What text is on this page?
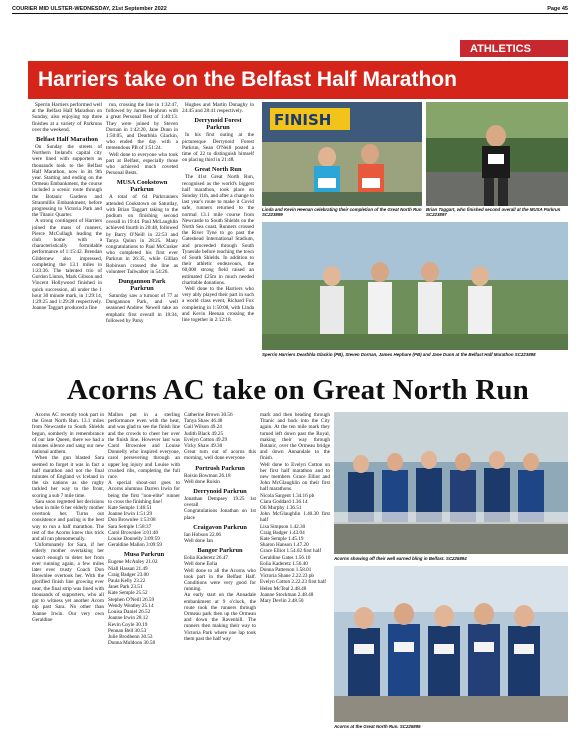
COURIER MID ULSTER-WEDNESDAY, 21st September 2022	Page 45
ATHLETICS
Harriers take on the Belfast Half Marathon

Sperrin Harriers performed well at the Belfast Half Marathon on Sunday, also enjoying top three finishes at a variety of Parkruns over the weekend.

Belfast Half Marathon

On Sunday the streets of Northern Ireland's capital city were lined with supporters as thousands took to the Belfast Half Marathon, now in its 9th year. Starting and ending on the Ormeau Embankment, the course included a scenic route through the Botanic Gardens and Stranmillis Embankment, before progressing to Victoria Park and the Titanic Quarter.

A strong contingent of Harriers joined the mass of runners, Pierce McCullagh leading the club home with a characteristically formidable performance of 1:15:42. Brendan Gildernew also impressed, completing the 13.1 miles in 1:23:36. The talented trio of Gordon Linton, Mark Gibson and Vincent Hollywood finished in quick succession, all under the 1 hour 30 minute mark, in 1:29:14, 1:29:25 and 1:29:28 respectively. Joanne Taggart produced a fine

run, crossing the line in 1:32:47, followed by James Hephrun with a great Personal Best of 1:40:13. They were joined by Steven Dornan in 1:42:20, Jane Dunn in 1:50:05, and Dearbhla Glackin, who ended the day with a tremendous PB of 1:51:24.

Well done to everyone who took part at Belfast, especially those who achieved much coveted Personal Bests.

MUSA Cookstown Parkrun

A total of 64 Parkrunners attended Cookstown on Saturday, with Brian Taggart taking to the podium on finishing second overall in 19:44. Paul McLaughlin achieved fourth in 20:48, followed by Barry O'Neill in 22:53 and Tanya Quinn in 28:25. Many congratulations to Paul McCusker who completed his first ever Parkrun in 26:35, while Gillian Robinson crossed the line as volunteer Tailwalker in 54:26.

Dungannon Park Parkrun

Saturday saw a turnout of 77 at Dungannon Park, and well seasoned Andrew Newell take an emphatic first overall in 18:34, followed by Patsy

Hughes and Martin Donaghy in 24:45 and 28:41 respectively.

Derrynoid Forest Parkrun

In his first outing at the picturesque Derrynoid Forest Parkrun, Sean O'Neill posted a time of 22 to distinguish himself on placing third in 21:48.

Great North Run

The 41st Great North Run, recognised as the world's biggest half marathon, took place on Sunday 11th, and after a change to last year's route to make it Covid safe, runners returned to the normal 13.1 mile course from Newcastle to South Shields on the North Sea coast. Runners crossed the River Tyne to go past the Gateshead International Stadium, and proceeded through South Tyneside before reaching the town of South Shields. In addition to their athletic endeavours, the 60,000 strong field raised an estimated £25m in much needed charitable donations.

Well done to the Harriers who very ably played their part in such a world class event, Richard Fox completing in 1:50:08, with Linda and Kevin Heenan crossing the line together in 2:12:18.

FINISH
Linda and Kevin Heenan celebrating their completion of the Great North Run SC223899
Brian Taggart, who finished second overall at the MUSA Parkrun SC223897
Sperrin Harriers Dearbhla Glackin (PB), Steven Dornan, James Hephure (PB) and Jane Dunn at the Belfast Half Marathon SC223898
Acorns AC take on Great North Run

Acorns AC recently took part in the Great North Run. 13.1 miles from Newcastle to South Shields begun, somberly in remembrance of our late Queen, there we had a minutes silence and sang our new national anthem.

When the gun blasted Sara seemed to forget it was in fact a half marathon and not the final minutes of England vs Iceland in the six nations as she rugby tackled her way to the front, scoring a sub 7 mile time.

Sara soon regretted her decisions when in mile 6 her elderly mother overtook her. Turns out consistence and pacing is the best way to run a half marathon. The rest of the Acorns knew this trick and all ran phenomenally.

Unfortunately for Sara, if her elderly mother overtaking her wasn't enough to deter her from ever running again, a few miles later ever trusty Coach Don Brownlee overtook her. With the glorified finish line growing ever near, the final strip was lined with thousands of supporters, who all got to witness yet another Acorn nip past Sara. No other than Joanne Irwin. Our very own Geraldine

Mallon put in a sterling performance even with the heat, and was glad to see the finish line and the crowds to cheer her over the finish line. However last was Carol Brownlee and Louise Donnelly who inspired everyone, carol persevering through an upper leg injury and Louise with crushed ribs, completing the full race.

A special shout-out goes to Acorns alumnus Darren Irwin for being the first "non-elite" runner to cross the finishing line!

Kate Semple 1:46:51

Joanne Irwin 1:51:29

Don Brownlee 1:53:08

Sara Semple 1:58:37

Carol Brownlee 3:01:40

Louise Donnelly 3:09:59

Geraldine Mallon 3:09:59

Musa Parkrun

Eugene McAnley 21.02

Niall Hassan 21.49

Craig Badger 23.00

Paula Kelly 23.22

Janet Park 23.51

Kate Semple 25.52

Stephen O'Neill 26.59

Wendy Weatley 25.14

Louisa Daniel 26.52

Joanne Irwin 28.12

Kevin Coyle 30.19

Pennan Bell 30.53

Julie Brodhenn 30.53

Donna Muldoon 30.58

Catherine Brown 30.56

Tanya Shaw 46.48

Gail Wilson 49.24

Judith Black 49.25

Evelyn Cotton 49.29

Vicky Shaw 49.30

Great turn out of acorns this morning, well done everyone

Portrush Parkrun

Roisin Bowman 26.18

Well done Roisin

Derrynoid Parkrun

Jonathan Dempsey 19.25 1st overall

Congratulations Jonathan on 1st place

Craigavon Parkrun

Ian Hobson 22.06

Well done Ian

Bangor Parkrun

Eolia Kaderetz 26.47

Well done Eolia

Well done to all the Acorns who took part in the Belfast Half. Conditions were very good for running.

An early start on the Annadale embankment at 9 o'clock, the route took the runners through Ormeau park then up the Ormeau and down the Ravenhill. The runners then making their way to Victoria Park where one lap took them past the half way

mark and then heading through Titanic and back into the City again. At the ten mile mark they turned left down past the Royal, making their way through Botanic, over the Ormeau bridge and down Annandale to the finish.

Well done to Evelyn Cotton on her first half marathon and to new members Grace Elliot and John McGlaughlin on their first half marathons.

Nicola Sargent 1.34.16 pb

Ciara Goddard 1.36.14

Oli Murphy 1.36.51

John McGlaughlin 1.40.30 first half

Lisa Simpson 1.42.30

Craig Badger 1.43.04

Kate Semple 1.45.19

Sharon Hanson 1.47.20

Grace Elliot 1.54.02 first half

Geraldine Gates 1.56.10

Eolia Kaderetz 1.56.40

Donna Patterson 1.58.01

Victoria Shane 2.22.23 pb

Evelyn Cotton 2.22.23 first half

Helen McTeal 2.48.48

Joanne Stockman 2.48.48

Mary Devlin 2.48.50

Acorns showing off their well earned bling in Belfast. SC225894
Acorns at the Great North Run. SC225895
